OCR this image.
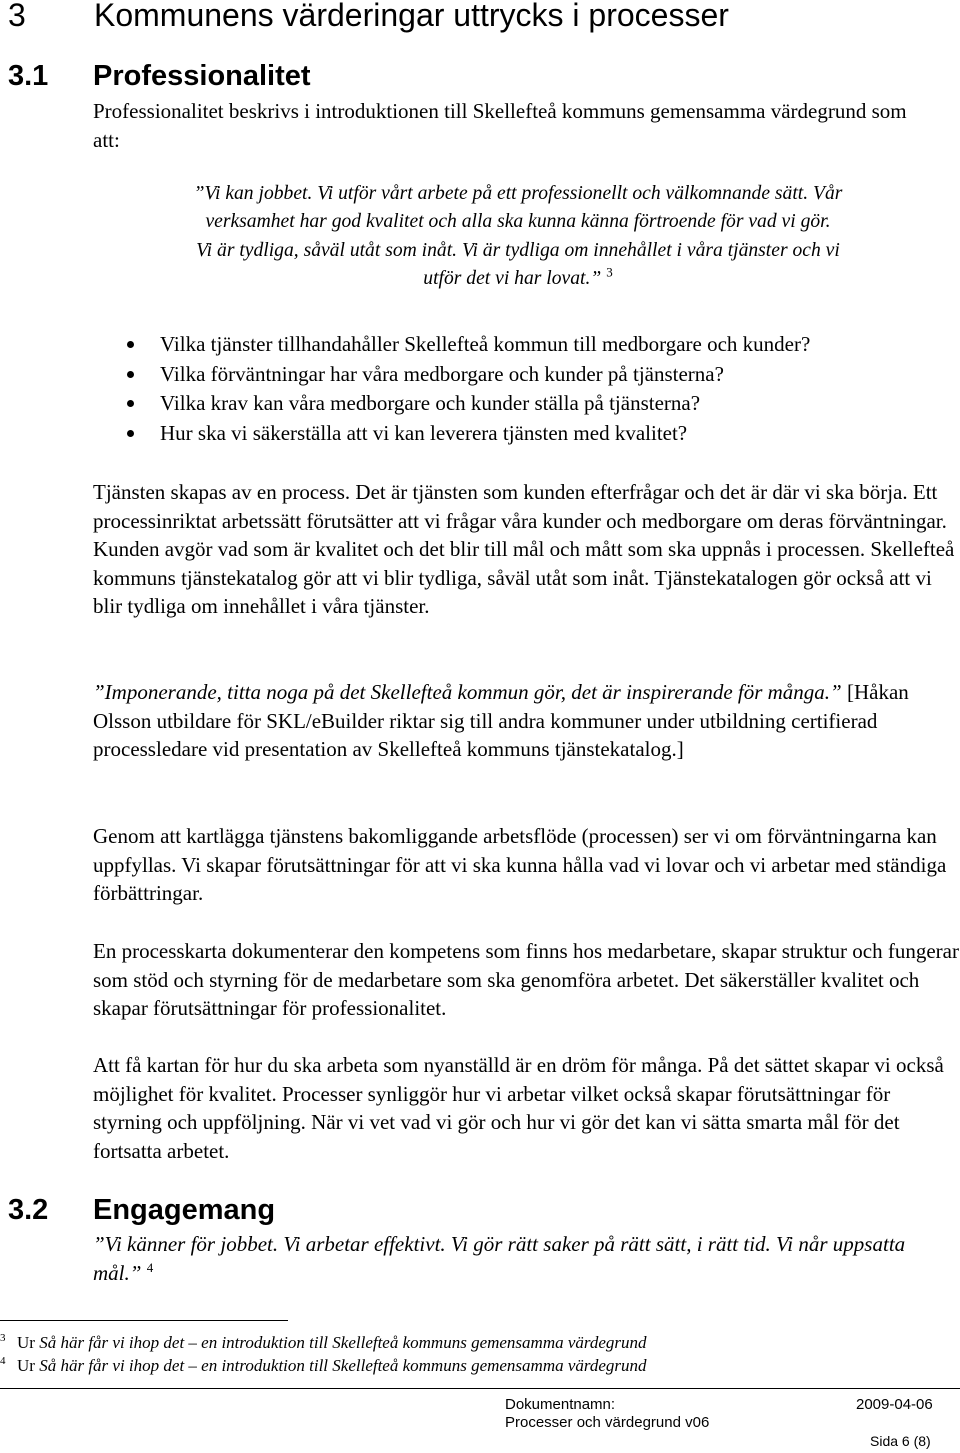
3 Kommunens värderingar uttrycks i processer
3.1 Professionalitet
Professionalitet beskrivs i introduktionen till Skellefteå kommuns gemensamma värdegrund som att:
”Vi kan jobbet. Vi utför vårt arbete på ett professionellt och välkomnande sätt. Vår
verksamhet har god kvalitet och alla ska kunna känna förtroende för vad vi gör.
Vi är tydliga, såväl utåt som inåt. Vi är tydliga om innehållet i våra tjänster och vi
utför det vi har lovat.” $^3$
Vilka tjänster tillhandahåller Skellefteå kommun till medborgare och kunder?
Vilka förväntningar har våra medborgare och kunder på tjänsterna?
Vilka krav kan våra medborgare och kunder ställa på tjänsterna?
Hur ska vi säkerställa att vi kan leverera tjänsten med kvalitet?
Tjänsten skapas av en process. Det är tjänsten som kunden efterfrågar och det är där vi ska börja. Ett processinriktat arbetssätt förutsätter att vi frågar våra kunder och medborgare om deras förväntningar. Kunden avgör vad som är kvalitet och det blir till mål och mått som ska uppnås i processen. Skellefteå kommuns tjänstekatalog gör att vi blir tydliga, såväl utåt som inåt. Tjänstekatalogen gör också att vi blir tydliga om innehållet i våra tjänster.
”Imponerande, titta noga på det Skellefteå kommun gör, det är inspirerande för många.” [Håkan Olsson utbildare för SKL/eBuilder riktar sig till andra kommuner under utbildning certifierad processledare vid presentation av Skellefteå kommuns tjänstekatalog.]
Genom att kartlägga tjänstens bakomliggande arbetsflöde (processen) ser vi om förväntningarna kan uppfyllas. Vi skapar förutsättningar för att vi ska kunna hålla vad vi lovar och vi arbetar med ständiga förbättringar.
En processkarta dokumenterar den kompetens som finns hos medarbetare, skapar struktur och fungerar som stöd och styrning för de medarbetare som ska genomföra arbetet. Det säkerställer kvalitet och skapar förutsättningar för professionalitet.
Att få kartan för hur du ska arbeta som nyanställd är en dröm för många. På det sättet skapar vi också möjlighet för kvalitet. Processer synliggör hur vi arbetar vilket också skapar förutsättningar för styrning och uppföljning. När vi vet vad vi gör och hur vi gör det kan vi sätta smarta mål för det fortsatta arbetet.
3.2 Engagemang
”Vi känner för jobbet. Vi arbetar effektivt. Vi gör rätt saker på rätt sätt, i rätt tid. Vi når uppsatta mål.” $^4$
3 Ur Så här får vi ihop det – en introduktion till Skellefteå kommuns gemensamma värdegrund
4 Ur Så här får vi ihop det – en introduktion till Skellefteå kommuns gemensamma värdegrund
Dokumentnamn:
Processer och värdegrund v06
2009-04-06
Sida 6 (8)
